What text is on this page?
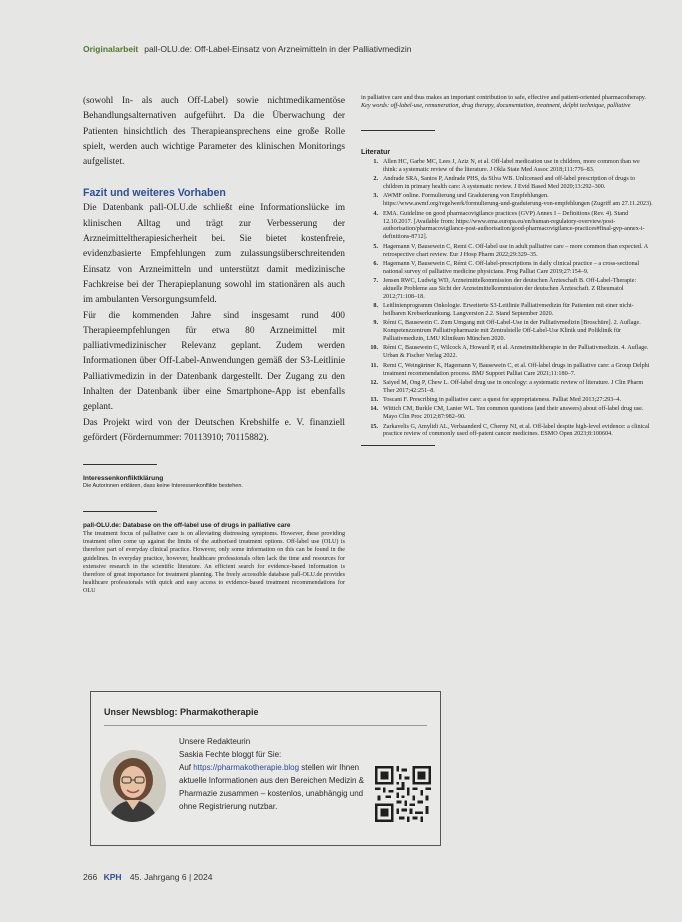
Originalarbeit pall-OLU.de: Off-Label-Einsatz von Arzneimitteln in der Palliativmedizin

(sowohl In- als auch Off-Label) sowie nichtmedikamentöse Behandlungsalternativen aufgeführt. Da die Überwachung der Patienten hinsichtlich des Therapieansprechens eine große Rolle spielt, werden auch wichtige Parameter des klinischen Monitorings aufgelistet.

Fazit und weiteres Vorhaben

Die Datenbank pall-OLU.de schließt eine Informationslücke im klinischen Alltag und trägt zur Verbesserung der Arzneimitteltherapiesicherheit bei. Sie bietet kostenfreie, evidenzbasierte Empfehlungen zum zulassungsüberschreitenden Einsatz von Arzneimitteln und unterstützt damit medizinische Fachkreise bei der Therapieplanung sowohl im stationären als auch im ambulanten Versorgungsumfeld.

Für die kommenden Jahre sind insgesamt rund 400 Therapieempfehlungen für etwa 80 Arzneimittel mit palliativmedizinischer Relevanz geplant. Zudem werden Informationen über Off-Label-Anwendungen gemäß der S3-Leitlinie Palliativmedizin in der Datenbank dargestellt. Der Zugang zu den Inhalten der Datenbank über eine Smartphone-App ist ebenfalls geplant.

Das Projekt wird von der Deutschen Krebshilfe e. V. finanziell gefördert (Fördernummer: 70113910; 70115882).

Interessenkonfliktklärung

Die Autorinnen erklären, dass keine Interessenkonflikte bestehen.

pall-OLU.de: Database on the off-label use of drugs in palliative care

The treatment focus of palliative care is on alleviating distressing symptoms. However, these providing treatment often come up against the limits of the authorised treatment options. Off-label use (OLU) is therefore part of everyday clinical practice. However, only some information on this can be found in the guidelines. In everyday practice, however, healthcare professionals often lack the time and resources for extensive research in the scientific literature. An efficient search for evidence-based information is therefore of great importance for treatment planning. The freely accessible database pall-OLU.de provides healthcare professionals with quick and easy access to evidence-based treatment recommendations for OLU

in palliative care and thus makes an important contribution to safe, effective and patient-oriented pharmacotherapy.

Key words: off-label-use, remuneration, drug therapy, documentation, treatment, delphi technique, palliative

Literatur

1. Allen HC, Garbe MC, Lees J, Aziz N, et al. Off-label medication use in children, more common than we think: a systematic review of the literature. J Okla State Med Assoc 2018;111:776–83.
2. Andrade SRA, Santos P, Andrade PHS, da Silva WB. Unlicensed and off-label prescription of drugs to children in primary health care: A systematic review. J Evid Based Med 2020;13:292–300.
3. AWMF online. Formulierung und Graduierung von Empfehlungen. https://www.awmf.org/regelwerk/formulierung-und-graduierung-von-empfehlungen (Zugriff am 27.11.2023).
4. EMA. Guideline on good pharmacovigilance practices (GVP) Annex I – Definitions (Rev. 4). Stand 12.10.2017. [Available from: https://www.ema.europa.eu/en/human-regulatory-overview/post-authorisation/pharmacovigilance-post-authorisation/good-pharmacovigilance-practices#final-gvp-annex-i-definitions-8712].
5. Hagemann V, Bausewein C, Remi C. Off-label use in adult palliative care – more common than expected. A retrospective chart review. Eur J Hosp Pharm 2022;29:329–35.
6. Hagemann V, Bausewein C, Rémi C. Off-label-prescriptions in daily clinical practice – a cross-sectional national survey of palliative medicine physicians. Prog Palliat Care 2019;27:154–9.
7. Jensen RWC, Ludwig WD, Arzneimittelkommission der deutschen Ärzteschaft B. Off-Label-Therapie: aktuelle Probleme aus Sicht der Arzneimittelkommission der deutschen Ärzteschaft. Z Rheumatol 2012;71:108–18.
8. Leitlinienprogramm Onkologie. Erweiterte S3-Leitlinie Palliativmedizin für Patienten mit einer nicht-heilbaren Krebserkrankung. Langversion 2.2. Stand September 2020.
9. Rémi C, Bausewein C. Zum Umgang mit Off-Label-Use in der Palliativmedizin [Broschüre]. 2. Auflage. Kompetenzzentrum Palliativpharmazie mit Zentralstelle Off-Label-Use Klinik und Poliklinik für Palliativmedizin, LMU Klinikum München 2020.
10. Rémi C, Bausewein C, Wilcock A, Howard P, et al. Arzneimitteltherapie in der Palliativmedizin. 4. Auflage. Urban & Fischer Verlag 2022.
11. Remi C, Weingärtner K, Hagemann V, Bausewein C, et al. Off-label drugs in palliative care: a Group Delphi treatment recommendation process. BMJ Support Palliat Care 2021;11:180–7.
12. Saiyed M, Ong P, Chew L. Off-label drug use in oncology: a systematic review of literature. J Clin Pharm Ther 2017;42:251–8.
13. Toscani F. Prescribing in palliative care: a quest for appropriateness. Palliat Med 2013;27:293–4.
14. Wittich CM, Burkle CM, Lanier WL. Ten common questions (and their answers) about off-label drug use. Mayo Clin Proc 2012;87:982–90.
15. Zarkavelis G, Amylidi AL, Verbaanderd C, Cherny NI, et al. Off-label despite high-level evidence: a clinical practice review of commonly used off-patent cancer medicines. ESMO Open 2023;8:100604.
Unser Newsblog: Pharmakotherapie
Unsere Redakteurin
Saskia Fechte bloggt für Sie:
Auf https://pharmakotherapie.blog stellen wir Ihnen aktuelle Informationen aus den Bereichen Medizin & Pharmazie zusammen – kostenlos, unabhängig und ohne Registrierung nutzbar.
266 KPH 45. Jahrgang 6 | 2024
